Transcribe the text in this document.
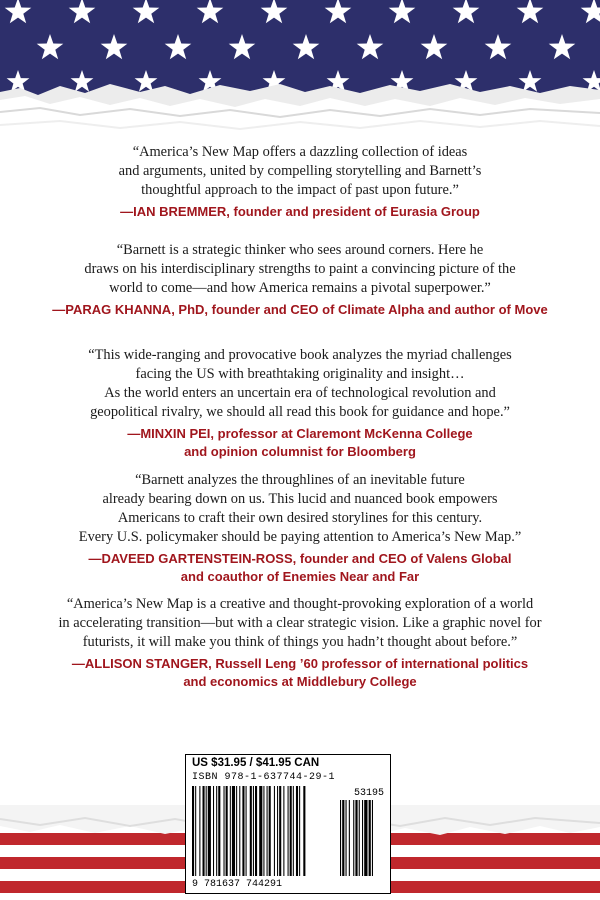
“America’s New Map offers a dazzling collection of ideas
and arguments, united by compelling storytelling and Barnett’s
thoughtful approach to the impact of past upon future.”

—IAN BREMMER, founder and president of Eurasia Group

“Barnett is a strategic thinker who sees around corners. Here he
draws on his interdisciplinary strengths to paint a convincing picture of the
world to come—and how America remains a pivotal superpower.”

—PARAG KHANNA, PhD, founder and CEO of Climate Alpha and author of Move

“This wide-ranging and provocative book analyzes the myriad challenges
facing the US with breathtaking originality and insight…
As the world enters an uncertain era of technological revolution and
geopolitical rivalry, we should all read this book for guidance and hope.”

—MINXIN PEI, professor at Claremont McKenna College
and opinion columnist for Bloomberg

“Barnett analyzes the throughlines of an inevitable future
already bearing down on us. This lucid and nuanced book empowers
Americans to craft their own desired storylines for this century.
Every U.S. policymaker should be paying attention to America’s New Map.”

—DAVEED GARTENSTEIN-ROSS, founder and CEO of Valens Global
and coauthor of Enemies Near and Far

“America’s New Map is a creative and thought-provoking exploration of a world
in accelerating transition—but with a clear strategic vision. Like a graphic novel for
futurists, it will make you think of things you hadn’t thought about before.”

—ALLISON STANGER, Russell Leng ’60 professor of international politics
and economics at Middlebury College

US $31.95 / $41.95 CAN
ISBN 978-1-637744-29-1
53195
9 781637 744291
